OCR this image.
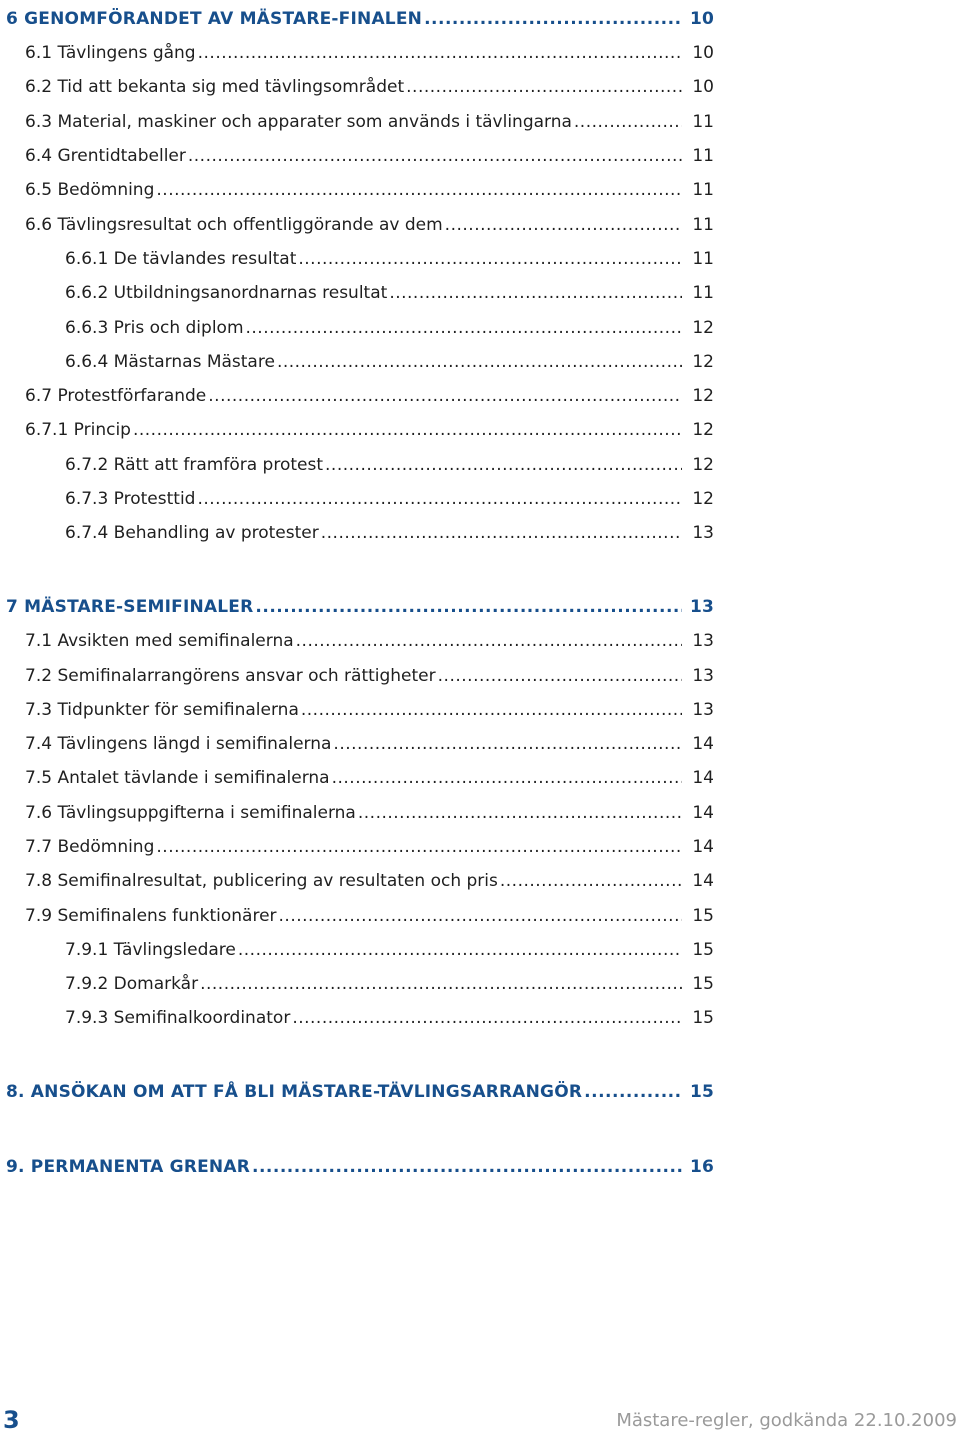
6 GENOMFÖRANDET AV MÄSTARE-FINALEN .....	10
6.1 Tävlingens gång .....	10
6.2 Tid att bekanta sig med tävlingsområdet .....	10
6.3 Material, maskiner och apparater som används i tävlingarna .....	11
6.4 Grentidtabeller .....	11
6.5 Bedömning .....	11
6.6 Tävlingsresultat och offentliggörande av dem .....	11
6.6.1 De tävlandes resultat .....	11
6.6.2 Utbildningsanordnarnas resultat .....	11
6.6.3 Pris och diplom .....	12
6.6.4 Mästarnas Mästare .....	12
6.7 Protestförfarande .....	12
6.7.1 Princip .....	12
6.7.2 Rätt att framföra protest .....	12
6.7.3 Protesttid .....	12
6.7.4 Behandling av protester .....	13
7 MÄSTARE-SEMIFINALER .....	13
7.1 Avsikten med semifinalerna .....	13
7.2 Semifinalarrangörens ansvar och rättigheter .....	13
7.3 Tidpunkter för semifinalerna .....	13
7.4 Tävlingens längd i semifinalerna .....	14
7.5 Antalet tävlande i semifinalerna .....	14
7.6 Tävlingsuppgifterna i semifinalerna .....	14
7.7 Bedömning .....	14
7.8 Semifinalresultat, publicering av resultaten och pris .....	14
7.9 Semifinalens funktionärer .....	15
7.9.1 Tävlingsledare .....	15
7.9.2 Domarkår .....	15
7.9.3 Semifinalkoordinator .....	15
8. ANSÖKAN OM ATT FÅ BLI MÄSTARE-TÄVLINGSARRANGÖR .....	15
9. PERMANENTA GRENAR .....	16
3	Mästare-regler, godkända 22.10.2009
